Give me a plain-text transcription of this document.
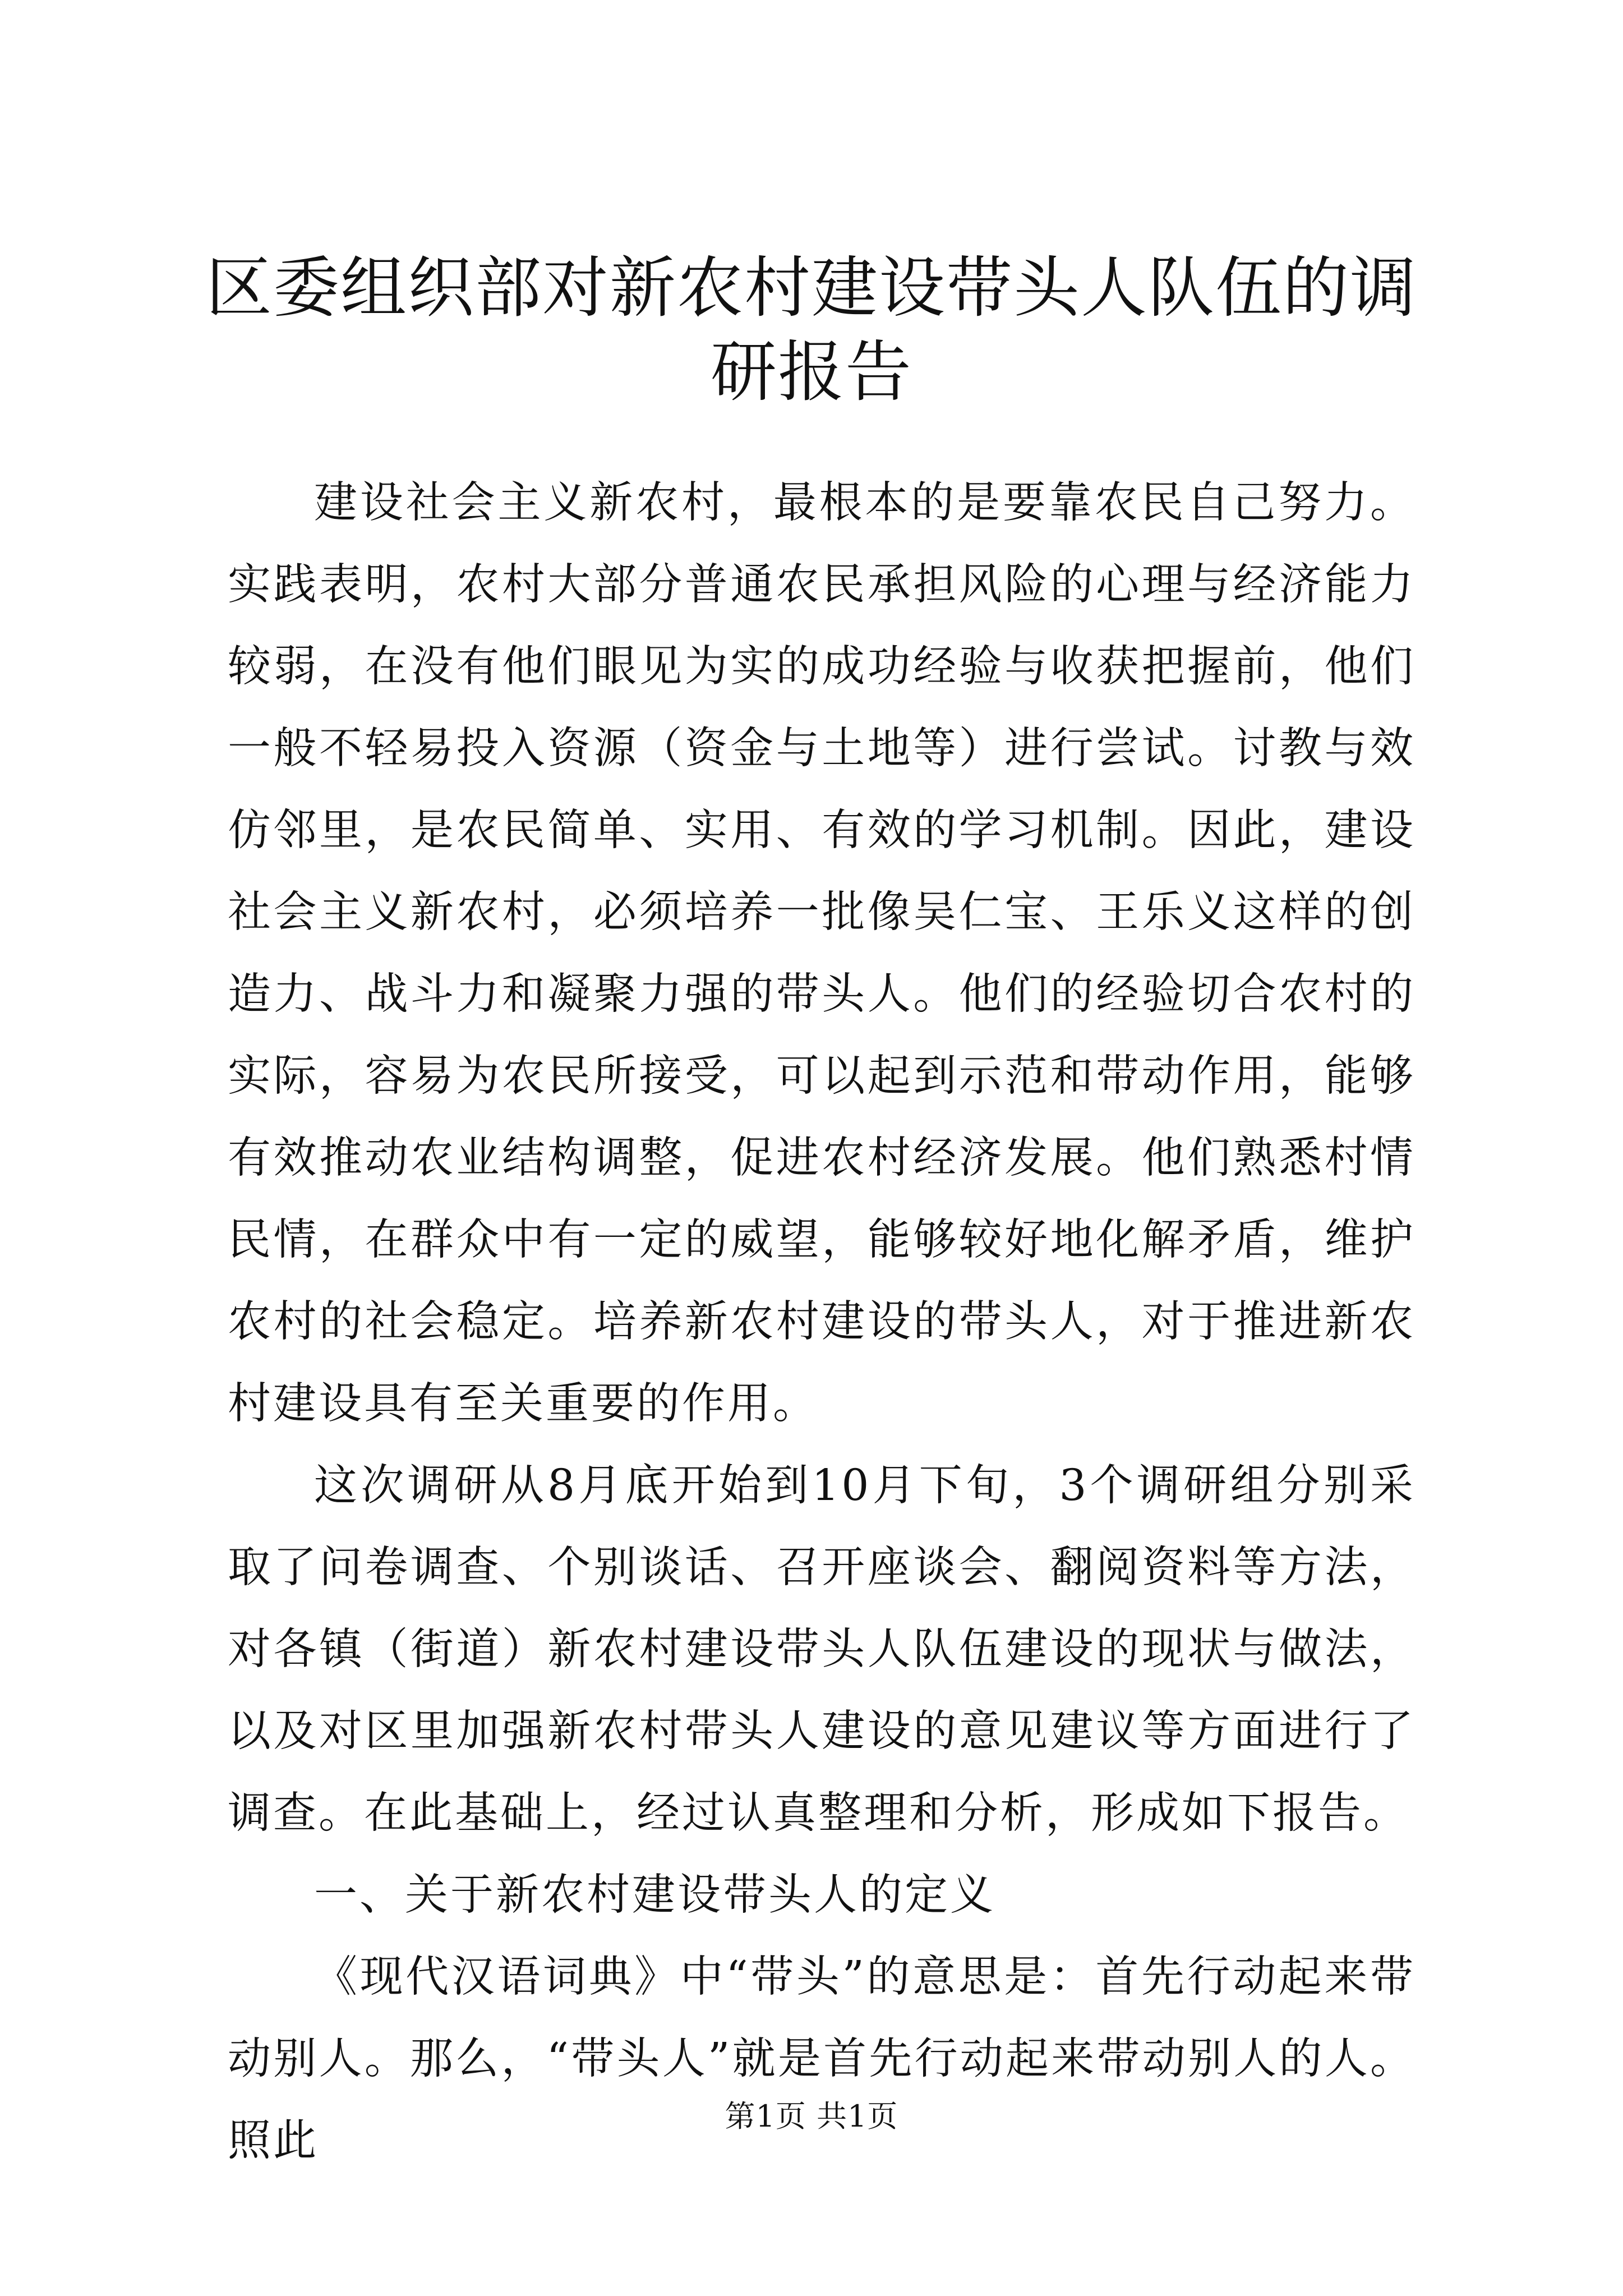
区委组织部对新农村建设带头人队伍的调研报告

建设社会主义新农村，最根本的是要靠农民自己努力。实践表明，农村大部分普通农民承担风险的心理与经济能力较弱，在没有他们眼见为实的成功经验与收获把握前，他们一般不轻易投入资源（资金与土地等）进行尝试。讨教与效仿邻里，是农民简单、实用、有效的学习机制。因此，建设社会主义新农村，必须培养一批像吴仁宝、王乐义这样的创造力、战斗力和凝聚力强的带头人。他们的经验切合农村的实际，容易为农民所接受，可以起到示范和带动作用，能够有效推动农业结构调整，促进农村经济发展。他们熟悉村情民情，在群众中有一定的威望，能够较好地化解矛盾，维护农村的社会稳定。培养新农村建设的带头人，对于推进新农村建设具有至关重要的作用。

这次调研从8月底开始到10月下旬，3个调研组分别采取了问卷调查、个别谈话、召开座谈会、翻阅资料等方法，对各镇（街道）新农村建设带头人队伍建设的现状与做法，以及对区里加强新农村带头人建设的意见建议等方面进行了调查。在此基础上，经过认真整理和分析，形成如下报告。

一、关于新农村建设带头人的定义

《现代汉语词典》中“带头”的意思是：首先行动起来带动别人。那么，“带头人”就是首先行动起来带动别人的人。照此	第1页 共1页
